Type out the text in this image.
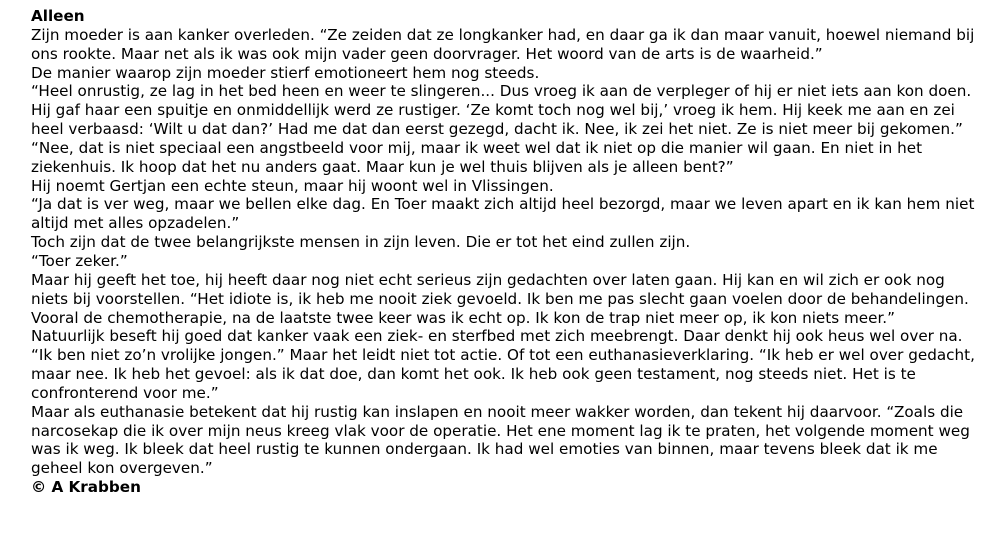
Alleen

Zijn moeder is aan kanker overleden. “Ze zeiden dat ze longkanker had, en daar ga ik dan maar vanuit, hoewel niemand bij ons rookte. Maar net als ik was ook mijn vader geen doorvrager. Het woord van de arts is de waarheid.”

De manier waarop zijn moeder stierf emotioneert hem nog steeds.

“Heel onrustig, ze lag in het bed heen en weer te slingeren... Dus vroeg ik aan de verpleger of hij er niet iets aan kon doen. Hij gaf haar een spuitje en onmiddellijk werd ze rustiger. ‘Ze komt toch nog wel bij,’ vroeg ik hem. Hij keek me aan en zei heel verbaasd: ‘Wilt u dat dan?’ Had me dat dan eerst gezegd, dacht ik. Nee, ik zei het niet. Ze is niet meer bij gekomen.”

“Nee, dat is niet speciaal een angstbeeld voor mij, maar ik weet wel dat ik niet op die manier wil gaan. En niet in het ziekenhuis. Ik hoop dat het nu anders gaat. Maar kun je wel thuis blijven als je alleen bent?”

Hij noemt Gertjan een echte steun, maar hij woont wel in Vlissingen.

“Ja dat is ver weg, maar we bellen elke dag. En Toer maakt zich altijd heel bezorgd, maar we leven apart en ik kan hem niet altijd met alles opzadelen.”

Toch zijn dat de twee belangrijkste mensen in zijn leven. Die er tot het eind zullen zijn.

“Toer zeker.”

Maar hij geeft het toe, hij heeft daar nog niet echt serieus zijn gedachten over laten gaan. Hij kan en wil zich er ook nog niets bij voorstellen. “Het idiote is, ik heb me nooit ziek gevoeld. Ik ben me pas slecht gaan voelen door de behandelingen. Vooral de chemotherapie, na de laatste twee keer was ik echt op. Ik kon de trap niet meer op, ik kon niets meer.”

Natuurlijk beseft hij goed dat kanker vaak een ziek- en sterfbed met zich meebrengt. Daar denkt hij ook heus wel over na. “Ik ben niet zo’n vrolijke jongen.” Maar het leidt niet tot actie. Of tot een euthanasieverklaring. “Ik heb er wel over gedacht, maar nee. Ik heb het gevoel: als ik dat doe, dan komt het ook. Ik heb ook geen testament, nog steeds niet. Het is te confronterend voor me.”

Maar als euthanasie betekent dat hij rustig kan inslapen en nooit meer wakker worden, dan tekent hij daarvoor. “Zoals die narcosekap die ik over mijn neus kreeg vlak voor de operatie. Het ene moment lag ik te praten, het volgende moment weg was ik weg. Ik bleek dat heel rustig te kunnen ondergaan. Ik had wel emoties van binnen, maar tevens bleek dat ik me geheel kon overgeven.”

© A Krabben
